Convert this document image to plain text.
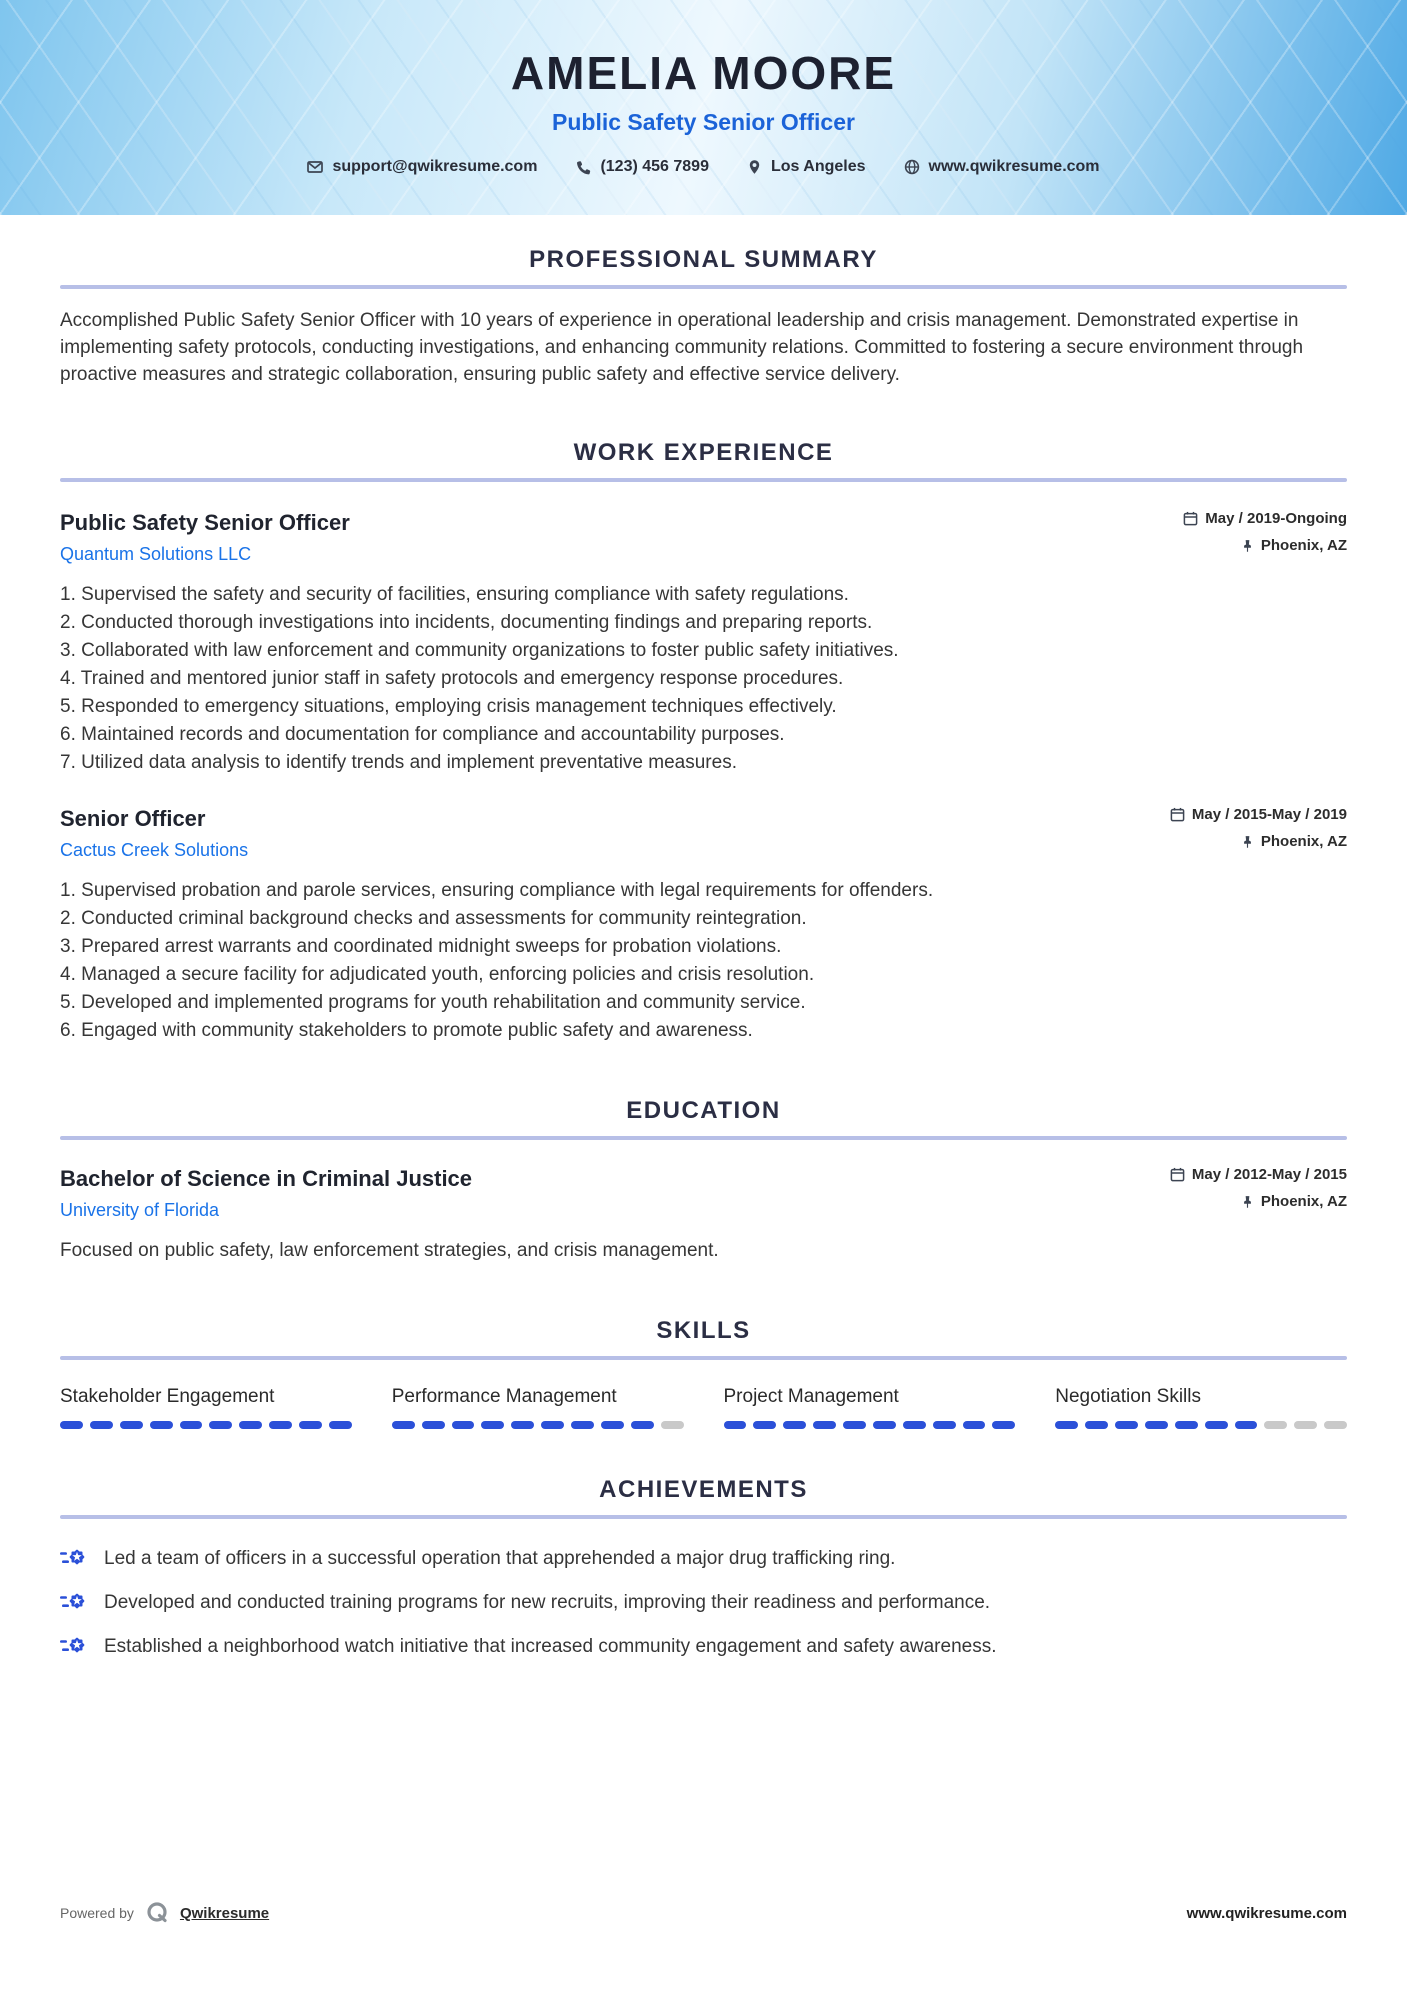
AMELIA MOORE
Public Safety Senior Officer
support@qwikresume.com	(123) 456 7899	Los Angeles	www.qwikresume.com
PROFESSIONAL SUMMARY

Accomplished Public Safety Senior Officer with 10 years of experience in operational leadership and crisis management. Demonstrated expertise in implementing safety protocols, conducting investigations, and enhancing community relations. Committed to fostering a secure environment through proactive measures and strategic collaboration, ensuring public safety and effective service delivery.

WORK EXPERIENCE
Public Safety Senior Officer
Quantum Solutions LLC
May / 2019-Ongoing
Phoenix, AZ
Supervised the safety and security of facilities, ensuring compliance with safety regulations.
Conducted thorough investigations into incidents, documenting findings and preparing reports.
Collaborated with law enforcement and community organizations to foster public safety initiatives.
Trained and mentored junior staff in safety protocols and emergency response procedures.
Responded to emergency situations, employing crisis management techniques effectively.
Maintained records and documentation for compliance and accountability purposes.
Utilized data analysis to identify trends and implement preventative measures.
Senior Officer
Cactus Creek Solutions
May / 2015-May / 2019
Phoenix, AZ
Supervised probation and parole services, ensuring compliance with legal requirements for offenders.
Conducted criminal background checks and assessments for community reintegration.
Prepared arrest warrants and coordinated midnight sweeps for probation violations.
Managed a secure facility for adjudicated youth, enforcing policies and crisis resolution.
Developed and implemented programs for youth rehabilitation and community service.
Engaged with community stakeholders to promote public safety and awareness.
EDUCATION
Bachelor of Science in Criminal Justice
University of Florida
May / 2012-May / 2015
Phoenix, AZ

Focused on public safety, law enforcement strategies, and crisis management.

SKILLS
Stakeholder Engagement	Performance Management	Project Management	Negotiation Skills
ACHIEVEMENTS
Led a team of officers in a successful operation that apprehended a major drug trafficking ring.
Developed and conducted training programs for new recruits, improving their readiness and performance.
Established a neighborhood watch initiative that increased community engagement and safety awareness.
Powered by	Qwikresume	www.qwikresume.com
